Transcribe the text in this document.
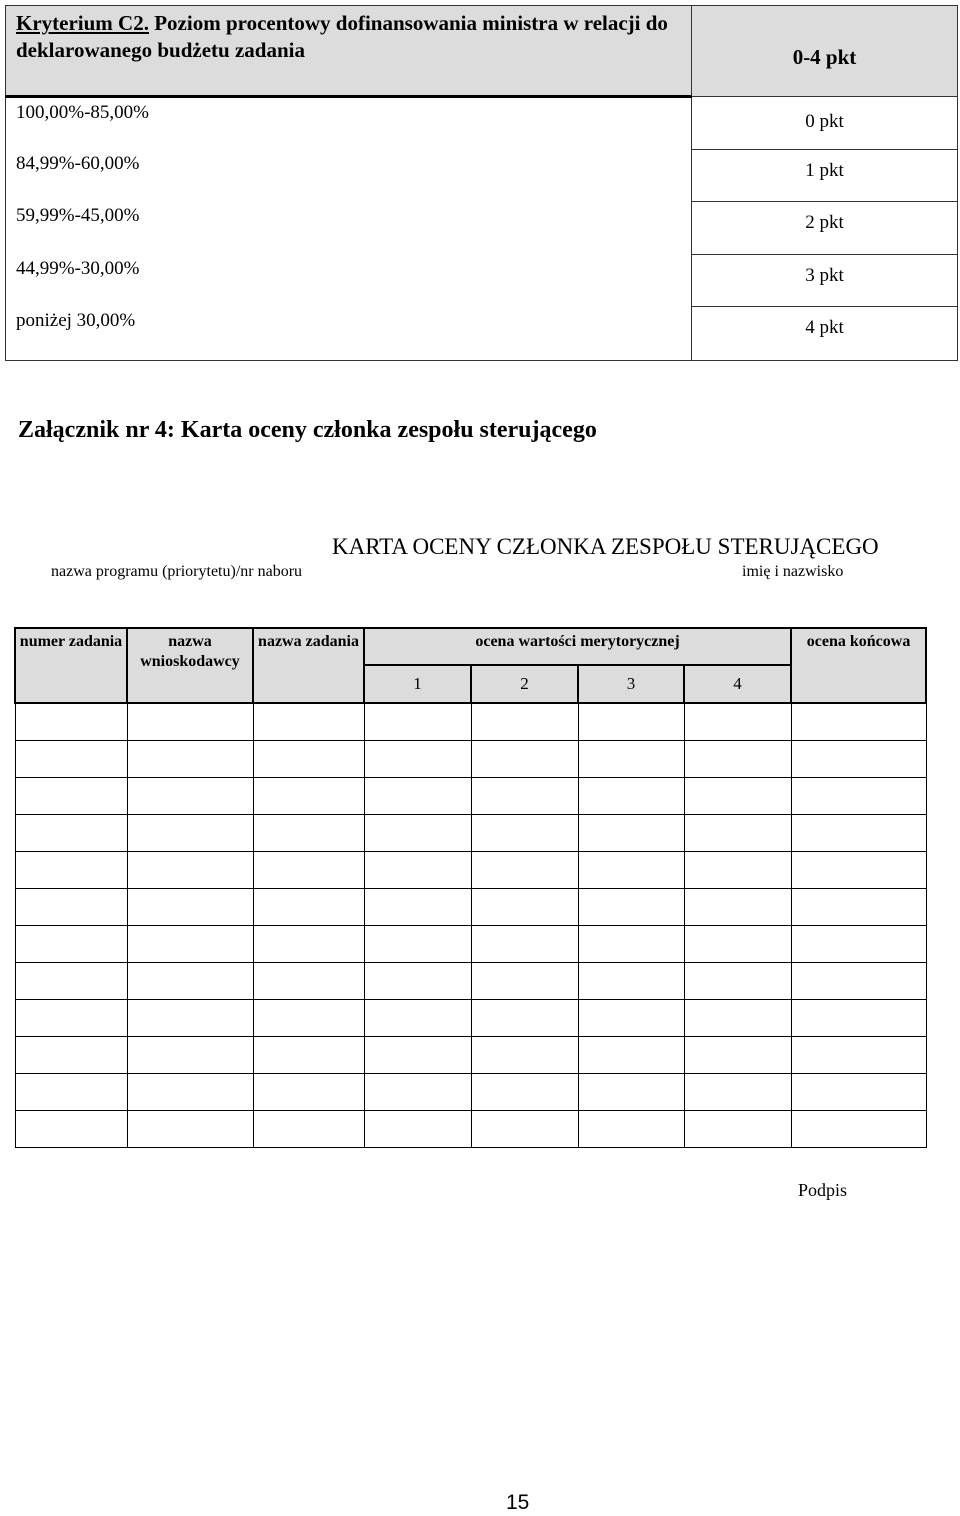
Kryterium C2. Poziom procentowy dofinansowania ministra w relacji do deklarowanego budżetu zadania	0-4 pkt
100,00%-85,00%	0 pkt
84,99%-60,00%	1 pkt
59,99%-45,00%	2 pkt
44,99%-30,00%	3 pkt
poniżej 30,00%	4 pkt
Załącznik nr 4: Karta oceny członka zespołu sterującego
KARTA OCENY CZŁONKA ZESPOŁU STERUJĄCEGO
nazwa programu (priorytetu)/nr naboru	imię i nazwisko
numer zadania	nazwa wnioskodawcy	nazwa zadania	ocena wartości merytorycznej				ocena końcowa
			1	2	3	4	

Podpis
15
